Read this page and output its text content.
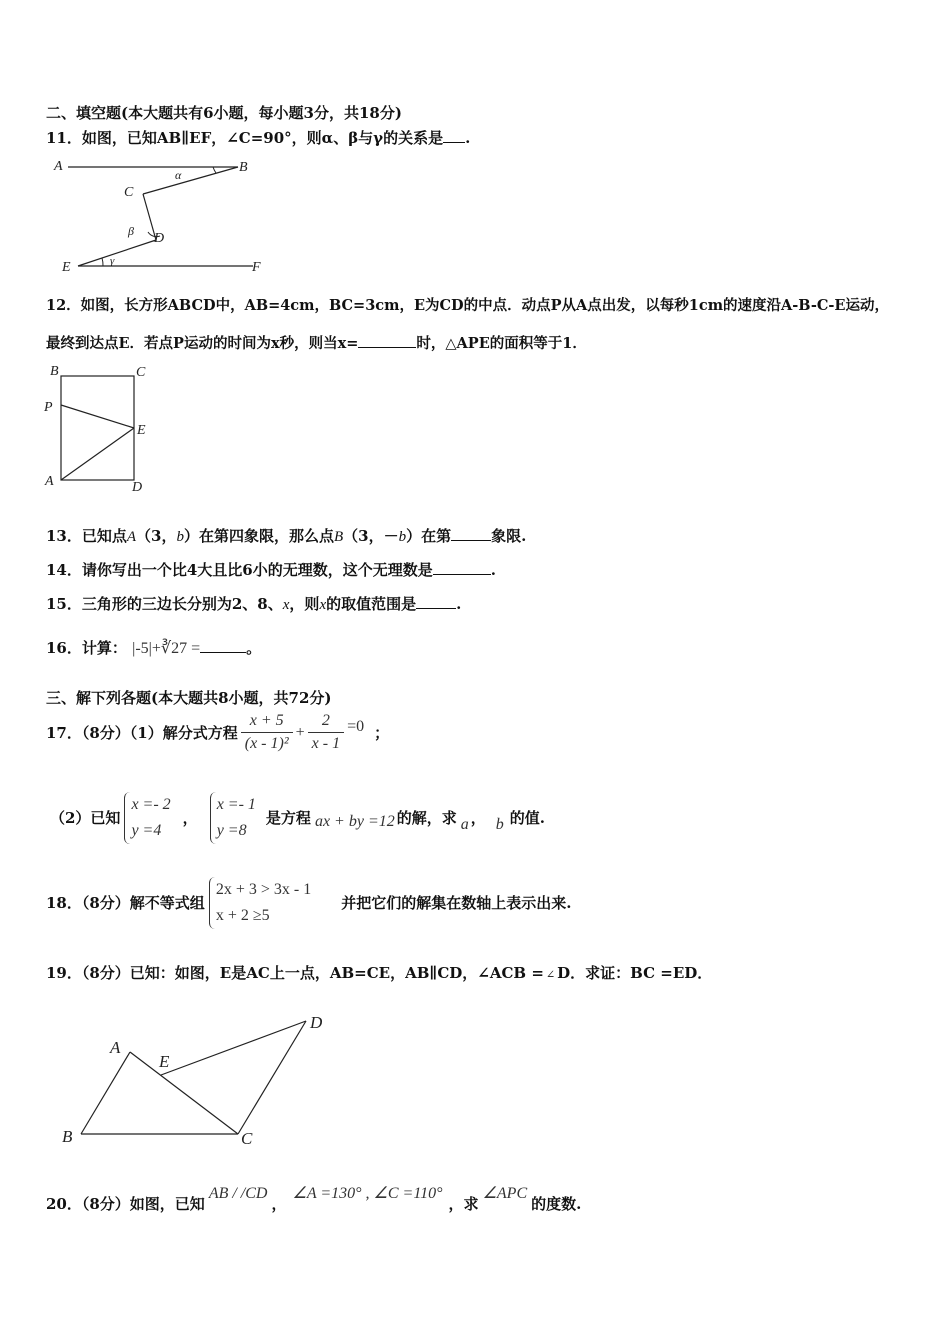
二、填空题(本大题共有6小题，每小题3分，共18分)
11．如图，已知AB∥EF，∠C=90°，则α、β与γ的关系是 .
A	B
C
D
E	F
α
β
γ
12．如图，长方形ABCD中，AB=4cm，BC=3cm，E为CD的中点．动点P从A点出发，以每秒1cm的速度沿A-B-C-E运动，
最终到达点E．若点P运动的时间为x秒，则当x=	时，△APE的面积等于1．
B	C
P
E
A	D
13．已知点A（3，b）在第四象限，那么点B（3，－b）在第	象限.
14．请你写出一个比4大且比6小的无理数，这个无理数是	.
15．三角形的三边长分别为2、8、x，则x的取值范围是	.
16．计算： |-5|+∛27 =	。
三、解下列各题(本大题共8小题，共72分)
17．（8分）（1）解分式方程 $\frac{x + 5}{\text{(x - 1)²}} + \frac{2}{x - 1} =0$ ；
（2）已知
x =- 2
y =4
，
x =- 1
y =8
是方程 ax + by =12 的解，求 a ， b 的值.
18．（8分）解不等式组
2x + 3 > 3x - 1
x + 2 ≥5
并把它们的解集在数轴上表示出来.
19．（8分）已知：如图，E是AC上一点，AB=CE，AB∥CD，∠ACB = ∠ D．求证：BC =ED．
A
E
D
B	C
20．（8分）如图，已知
AB / /CD
，
∠A =130° , ∠C =110°
，求
∠APC
的度数.
